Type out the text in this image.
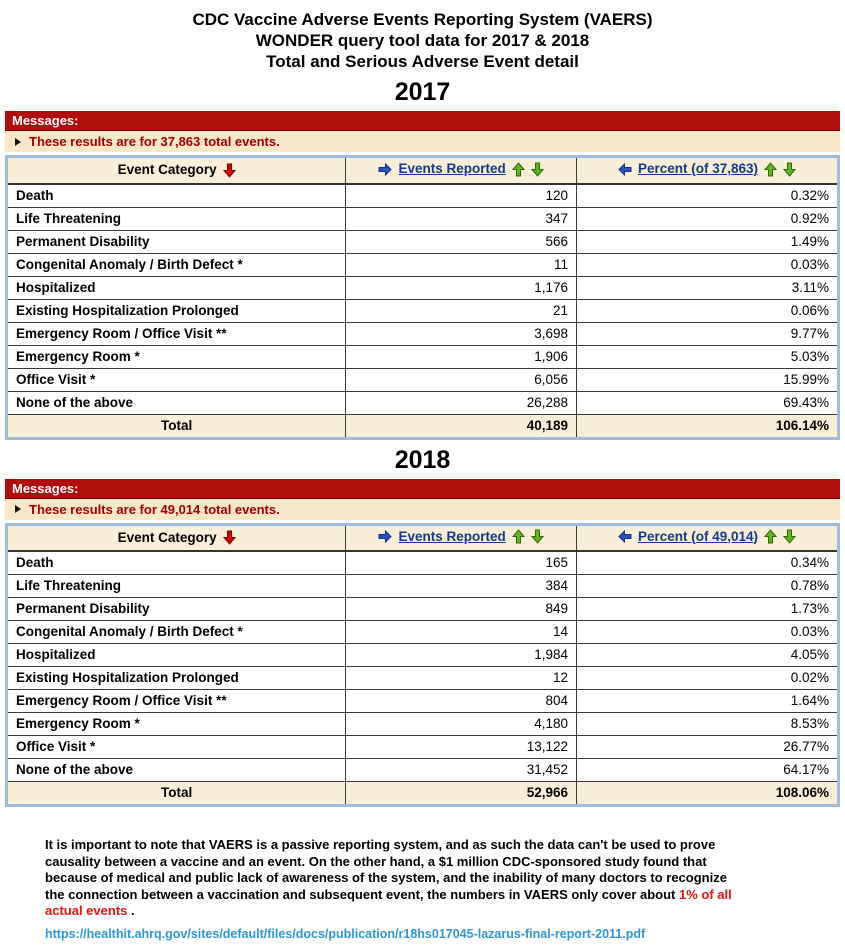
CDC Vaccine Adverse Events Reporting System (VAERS)
WONDER query tool data for 2017 & 2018
Total and Serious Adverse Event detail
2017
Messages:
These results are for 37,863 total events.
Event Category	Events Reported	Percent (of 37,863)

Death	120	0.32%
Life Threatening	347	0.92%
Permanent Disability	566	1.49%
Congenital Anomaly / Birth Defect *	11	0.03%
Hospitalized	1,176	3.11%
Existing Hospitalization Prolonged	21	0.06%
Emergency Room / Office Visit **	3,698	9.77%
Emergency Room *	1,906	5.03%
Office Visit *	6,056	15.99%
None of the above	26,288	69.43%
Total	40,189	106.14%
2018
Messages:
These results are for 49,014 total events.
Event Category	Events Reported	Percent (of 49,014)

Death	165	0.34%
Life Threatening	384	0.78%
Permanent Disability	849	1.73%
Congenital Anomaly / Birth Defect *	14	0.03%
Hospitalized	1,984	4.05%
Existing Hospitalization Prolonged	12	0.02%
Emergency Room / Office Visit **	804	1.64%
Emergency Room *	4,180	8.53%
Office Visit *	13,122	26.77%
None of the above	31,452	64.17%
Total	52,966	108.06%
It is important to note that VAERS is a passive reporting system, and as such the data can't be used to prove causality between a vaccine and an event. On the other hand, a $1 million CDC-sponsored study found that because of medical and public lack of awareness of the system, and the inability of many doctors to recognize the connection between a vaccination and subsequent event, the numbers in VAERS only cover about 1% of all actual events .
https://healthit.ahrq.gov/sites/default/files/docs/publication/r18hs017045-lazarus-final-report-2011.pdf
